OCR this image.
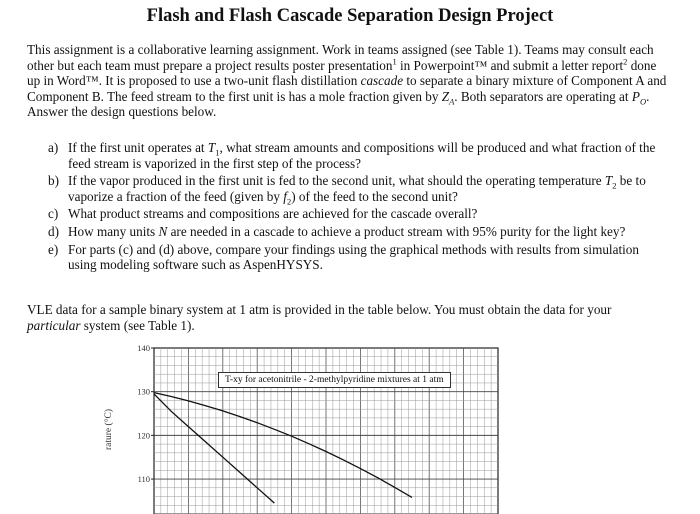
Flash and Flash Cascade Separation Design Project
This assignment is a collaborative learning assignment. Work in teams assigned (see Table 1). Teams may consult each other but each team must prepare a project results poster presentation$^1$ in Powerpoint™ and submit a letter report$^2$ done up in Word™. It is proposed to use a two-unit flash distillation cascade to separate a binary mixture of Component A and Component B. The feed stream to the first unit is has a mole fraction given by $Z_A$. Both separators are operating at $P_O$. Answer the design questions below.
a) If the first unit operates at $T_1$, what stream amounts and compositions will be produced and what fraction of the feed stream is vaporized in the first step of the process?
b) If the vapor produced in the first unit is fed to the second unit, what should the operating temperature $T_2$ be to vaporize a fraction of the feed (given by $f_2$) of the feed to the second unit?
c) What product streams and compositions are achieved for the cascade overall?
d) How many units N are needed in a cascade to achieve a product stream with 95% purity for the light key?
e) For parts (c) and (d) above, compare your findings using the graphical methods with results from simulation using modeling software such as AspenHYSYS.
VLE data for a sample binary system at 1 atm is provided in the table below. You must obtain the data for your particular system (see Table 1).
140
130
120
110
T-xy for acetonitrile - 2-methylpyridine mixtures at 1 atm
rature (°C)
